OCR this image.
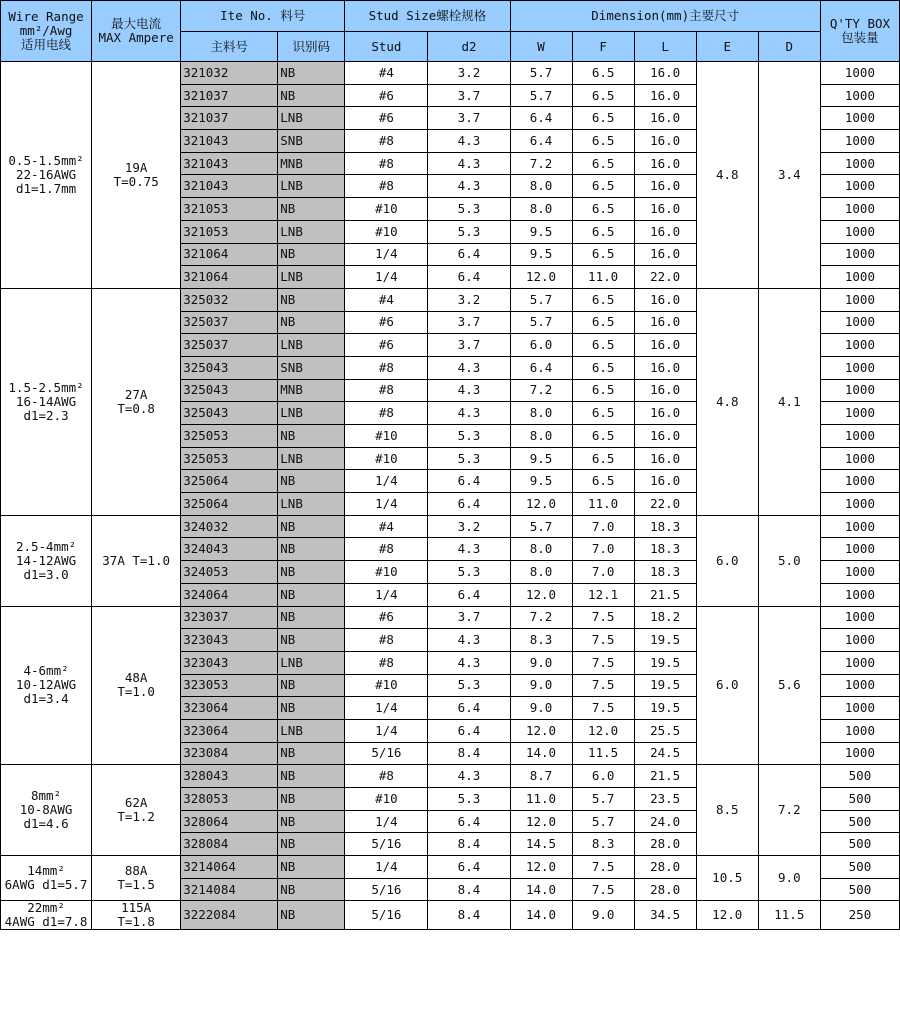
Wire Range
mm²/Awg
适用电线	最大电流
MAX Ampere	Ite No. 料号		Stud Size螺栓规格		Dimension(mm)主要尺寸					Q'TY BOX
包装量

		主料号	识别码	Stud	d2	W	F	L	E	D	

0.5-1.5mm²
22-16AWG
d1=1.7mm	19A
T=0.75	321032	NB	#4	3.2	5.7	6.5	16.0	4.8	3.4	1000
		321037	NB	#6	3.7	5.7	6.5	16.0			1000
		321037	LNB	#6	3.7	6.4	6.5	16.0			1000
		321043	SNB	#8	4.3	6.4	6.5	16.0			1000
		321043	MNB	#8	4.3	7.2	6.5	16.0			1000
		321043	LNB	#8	4.3	8.0	6.5	16.0			1000
		321053	NB	#10	5.3	8.0	6.5	16.0			1000
		321053	LNB	#10	5.3	9.5	6.5	16.0			1000
		321064	NB	1/4	6.4	9.5	6.5	16.0			1000
		321064	LNB	1/4	6.4	12.0	11.0	22.0			1000

1.5-2.5mm²
16-14AWG
d1=2.3	27A
T=0.8	325032	NB	#4	3.2	5.7	6.5	16.0	4.8	4.1	1000
		325037	NB	#6	3.7	5.7	6.5	16.0			1000
		325037	LNB	#6	3.7	6.0	6.5	16.0			1000
		325043	SNB	#8	4.3	6.4	6.5	16.0			1000
		325043	MNB	#8	4.3	7.2	6.5	16.0			1000
		325043	LNB	#8	4.3	8.0	6.5	16.0			1000
		325053	NB	#10	5.3	8.0	6.5	16.0			1000
		325053	LNB	#10	5.3	9.5	6.5	16.0			1000
		325064	NB	1/4	6.4	9.5	6.5	16.0			1000
		325064	LNB	1/4	6.4	12.0	11.0	22.0			1000

2.5-4mm²
14-12AWG
d1=3.0	37A T=1.0	324032	NB	#4	3.2	5.7	7.0	18.3	6.0	5.0	1000
		324043	NB	#8	4.3	8.0	7.0	18.3			1000
		324053	NB	#10	5.3	8.0	7.0	18.3			1000
		324064	NB	1/4	6.4	12.0	12.1	21.5			1000

4-6mm²
10-12AWG
d1=3.4	48A
T=1.0	323037	NB	#6	3.7	7.2	7.5	18.2	6.0	5.6	1000
		323043	NB	#8	4.3	8.3	7.5	19.5			1000
		323043	LNB	#8	4.3	9.0	7.5	19.5			1000
		323053	NB	#10	5.3	9.0	7.5	19.5			1000
		323064	NB	1/4	6.4	9.0	7.5	19.5			1000
		323064	LNB	1/4	6.4	12.0	12.0	25.5			1000
		323084	NB	5/16	8.4	14.0	11.5	24.5			1000

8mm²
10-8AWG
d1=4.6	62A
T=1.2	328043	NB	#8	4.3	8.7	6.0	21.5	8.5	7.2	500
		328053	NB	#10	5.3	11.0	5.7	23.5			500
		328064	NB	1/4	6.4	12.0	5.7	24.0			500
		328084	NB	5/16	8.4	14.5	8.3	28.0			500

14mm²
6AWG d1=5.7	88A
T=1.5	3214064	NB	1/4	6.4	12.0	7.5	28.0	10.5	9.0	500
		3214084	NB	5/16	8.4	14.0	7.5	28.0			500

22mm²
4AWG d1=7.8	115A
T=1.8	3222084	NB	5/16	8.4	14.0	9.0	34.5	12.0	11.5	250
